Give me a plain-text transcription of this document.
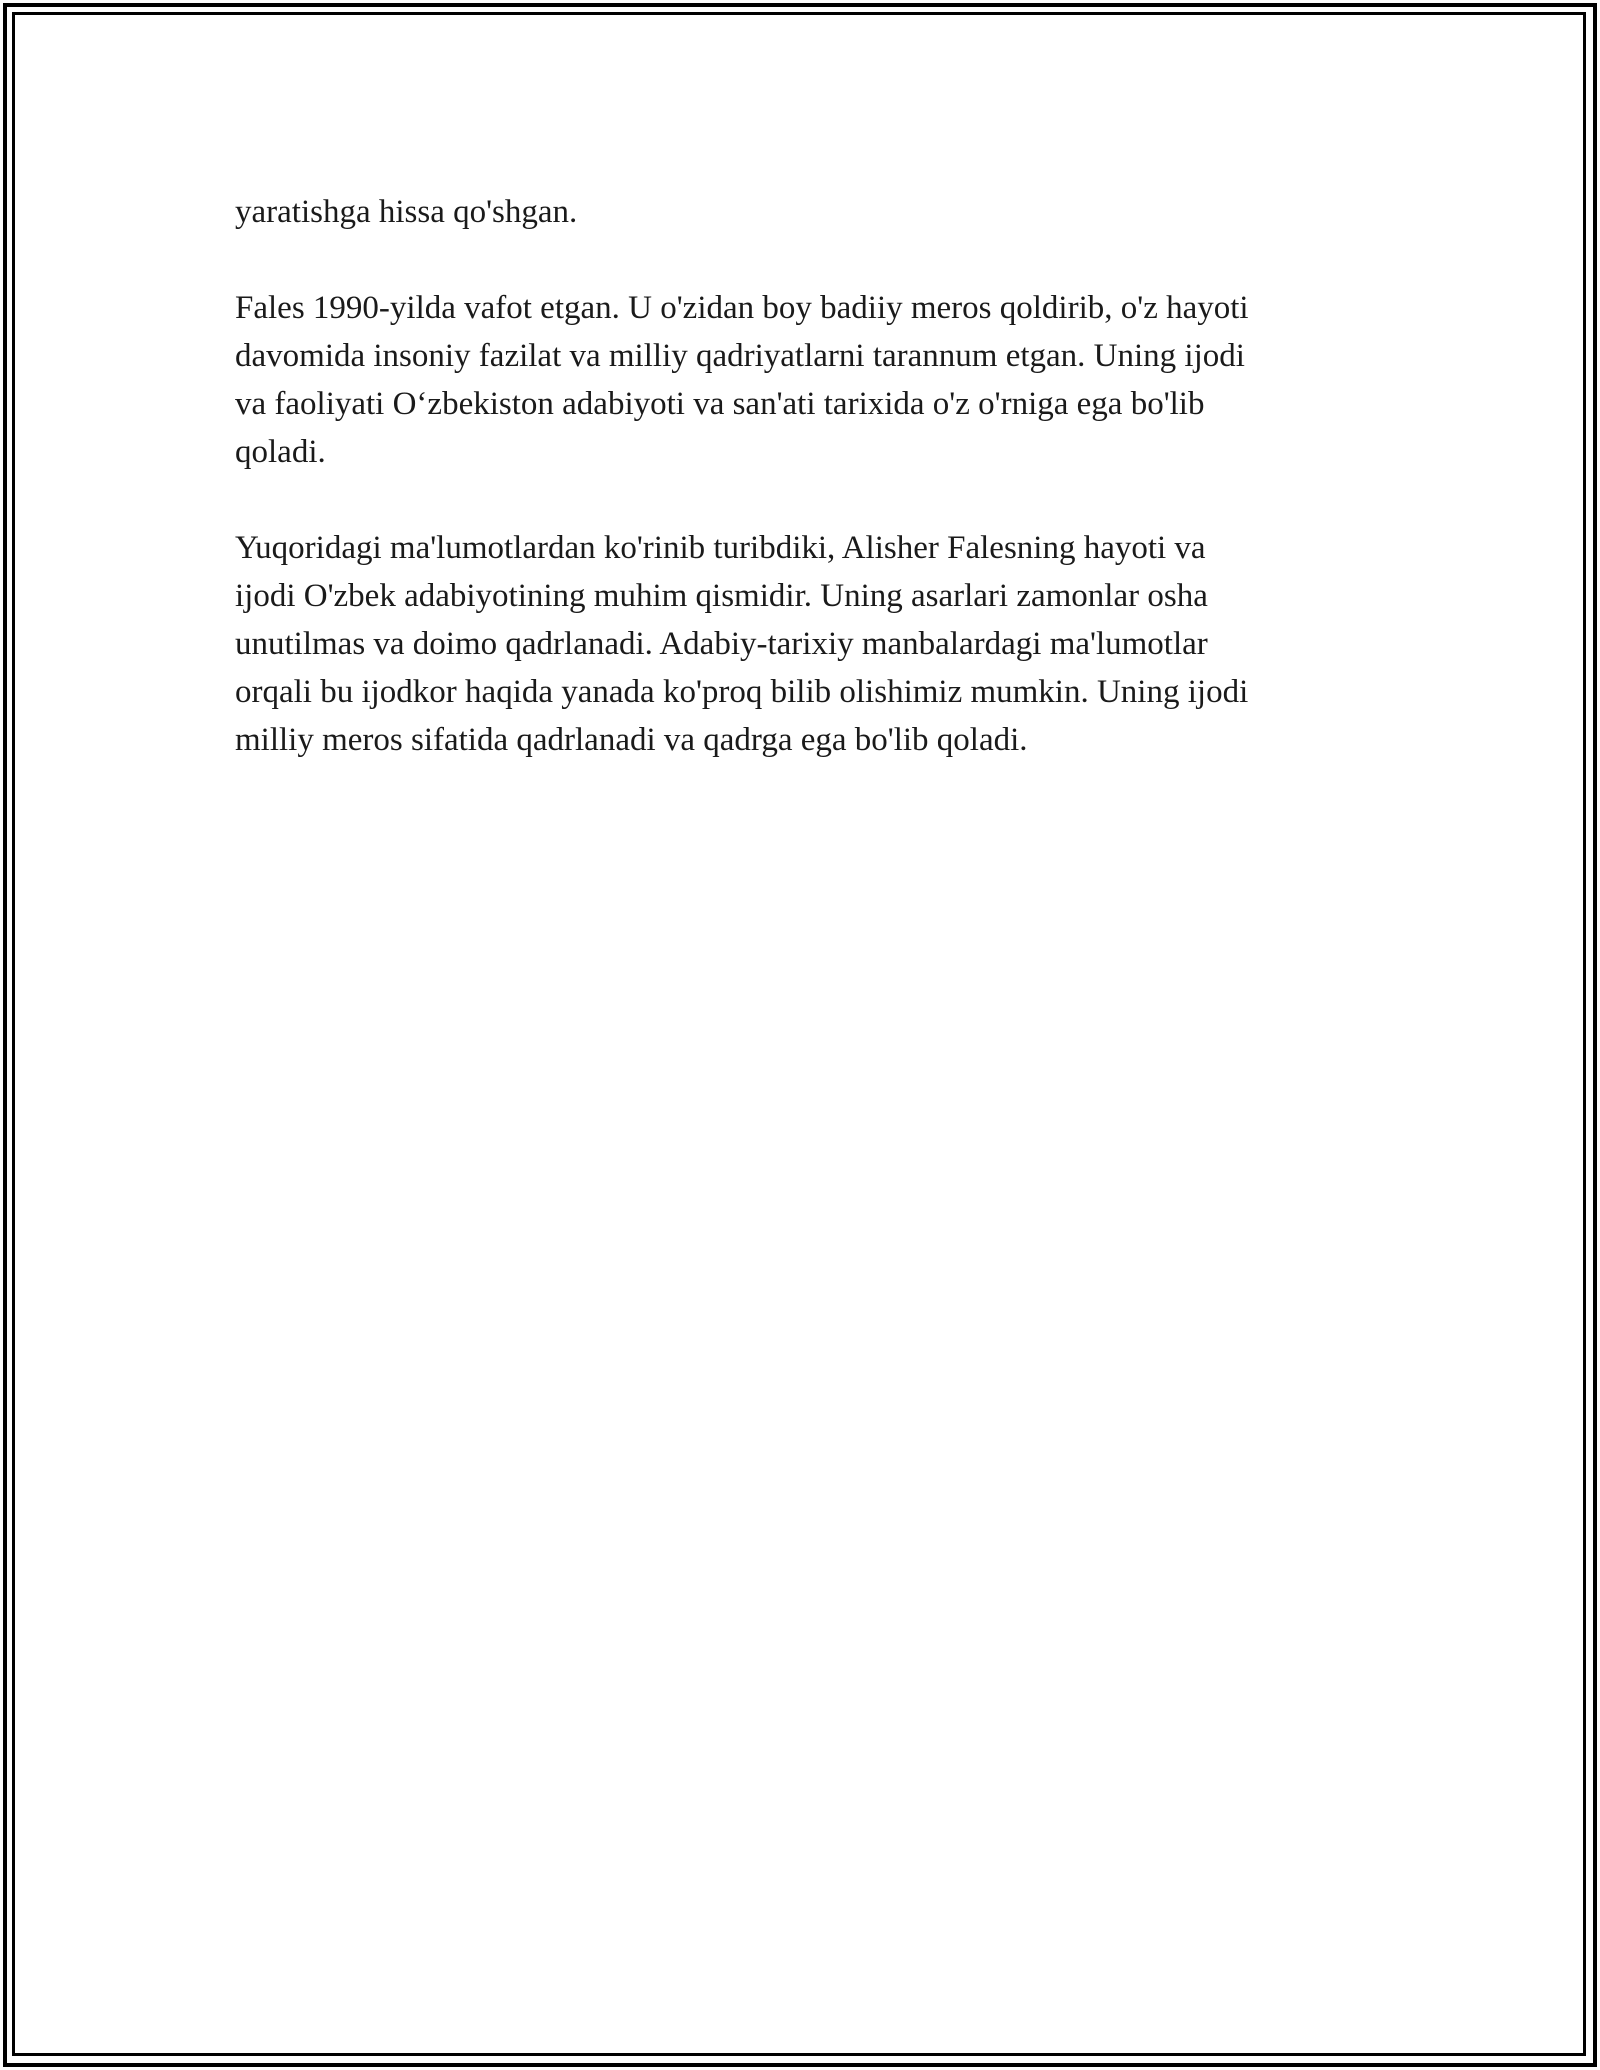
yaratishga hissa qo'shgan.

Fales 1990-yilda vafot etgan. U o'zidan boy badiiy meros qoldirib, o'z hayoti
davomida insoniy fazilat va milliy qadriyatlarni tarannum etgan. Uning ijodi
va faoliyati O‘zbekiston adabiyoti va san'ati tarixida o'z o'rniga ega bo'lib
qoladi.

Yuqoridagi ma'lumotlardan ko'rinib turibdiki, Alisher Falesning hayoti va
ijodi O'zbek adabiyotining muhim qismidir. Uning asarlari zamonlar osha
unutilmas va doimo qadrlanadi. Adabiy-tarixiy manbalardagi ma'lumotlar
orqali bu ijodkor haqida yanada ko'proq bilib olishimiz mumkin. Uning ijodi
milliy meros sifatida qadrlanadi va qadrga ega bo'lib qoladi.
